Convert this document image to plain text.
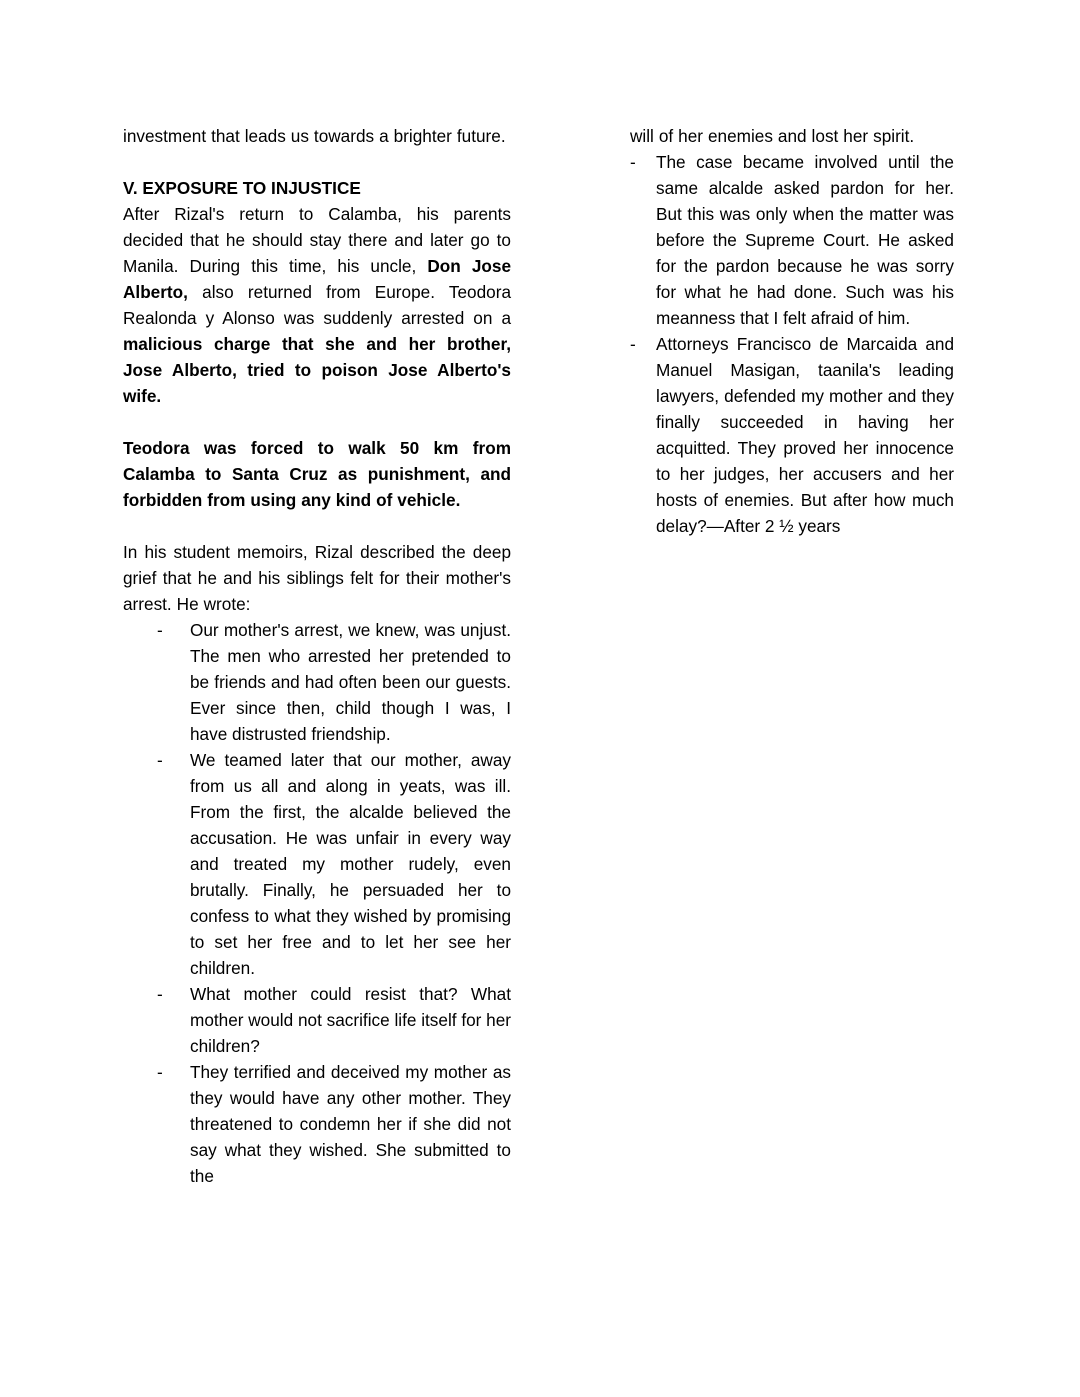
investment that leads us towards a brighter future.

V. EXPOSURE TO INJUSTICE

After Rizal's return to Calamba, his parents decided that he should stay there and later go to Manila. During this time, his uncle, Don Jose Alberto, also returned from Europe. Teodora Realonda y Alonso was suddenly arrested on a malicious charge that she and her brother, Jose Alberto, tried to poison Jose Alberto's wife.

Teodora was forced to walk 50 km from Calamba to Santa Cruz as punishment, and forbidden from using any kind of vehicle.

In his student memoirs, Rizal described the deep grief that he and his siblings felt for their mother's arrest. He wrote:

- Our mother's arrest, we knew, was unjust. The men who arrested her pretended to be friends and had often been our guests. Ever since then, child though I was, I have distrusted friendship.
- We teamed later that our mother, away from us all and along in yeats, was ill. From the first, the alcalde believed the accusation. He was unfair in every way and treated my mother rudely, even brutally. Finally, he persuaded her to confess to what they wished by promising to set her free and to let her see her children.
- What mother could resist that? What mother would not sacrifice life itself for her children?
- They terrified and deceived my mother as they would have any other mother. They threatened to condemn her if she did not say what they wished. She submitted to the

will of her enemies and lost her spirit.

- The case became involved until the same alcalde asked pardon for her. But this was only when the matter was before the Supreme Court. He asked for the pardon because he was sorry for what he had done. Such was his meanness that I felt afraid of him.
- Attorneys Francisco de Marcaida and Manuel Masigan, taanila's leading lawyers, defended my mother and they finally succeeded in having her acquitted. They proved her innocence to her judges, her accusers and her hosts of enemies. But after how much delay?—After 2 ½ years
